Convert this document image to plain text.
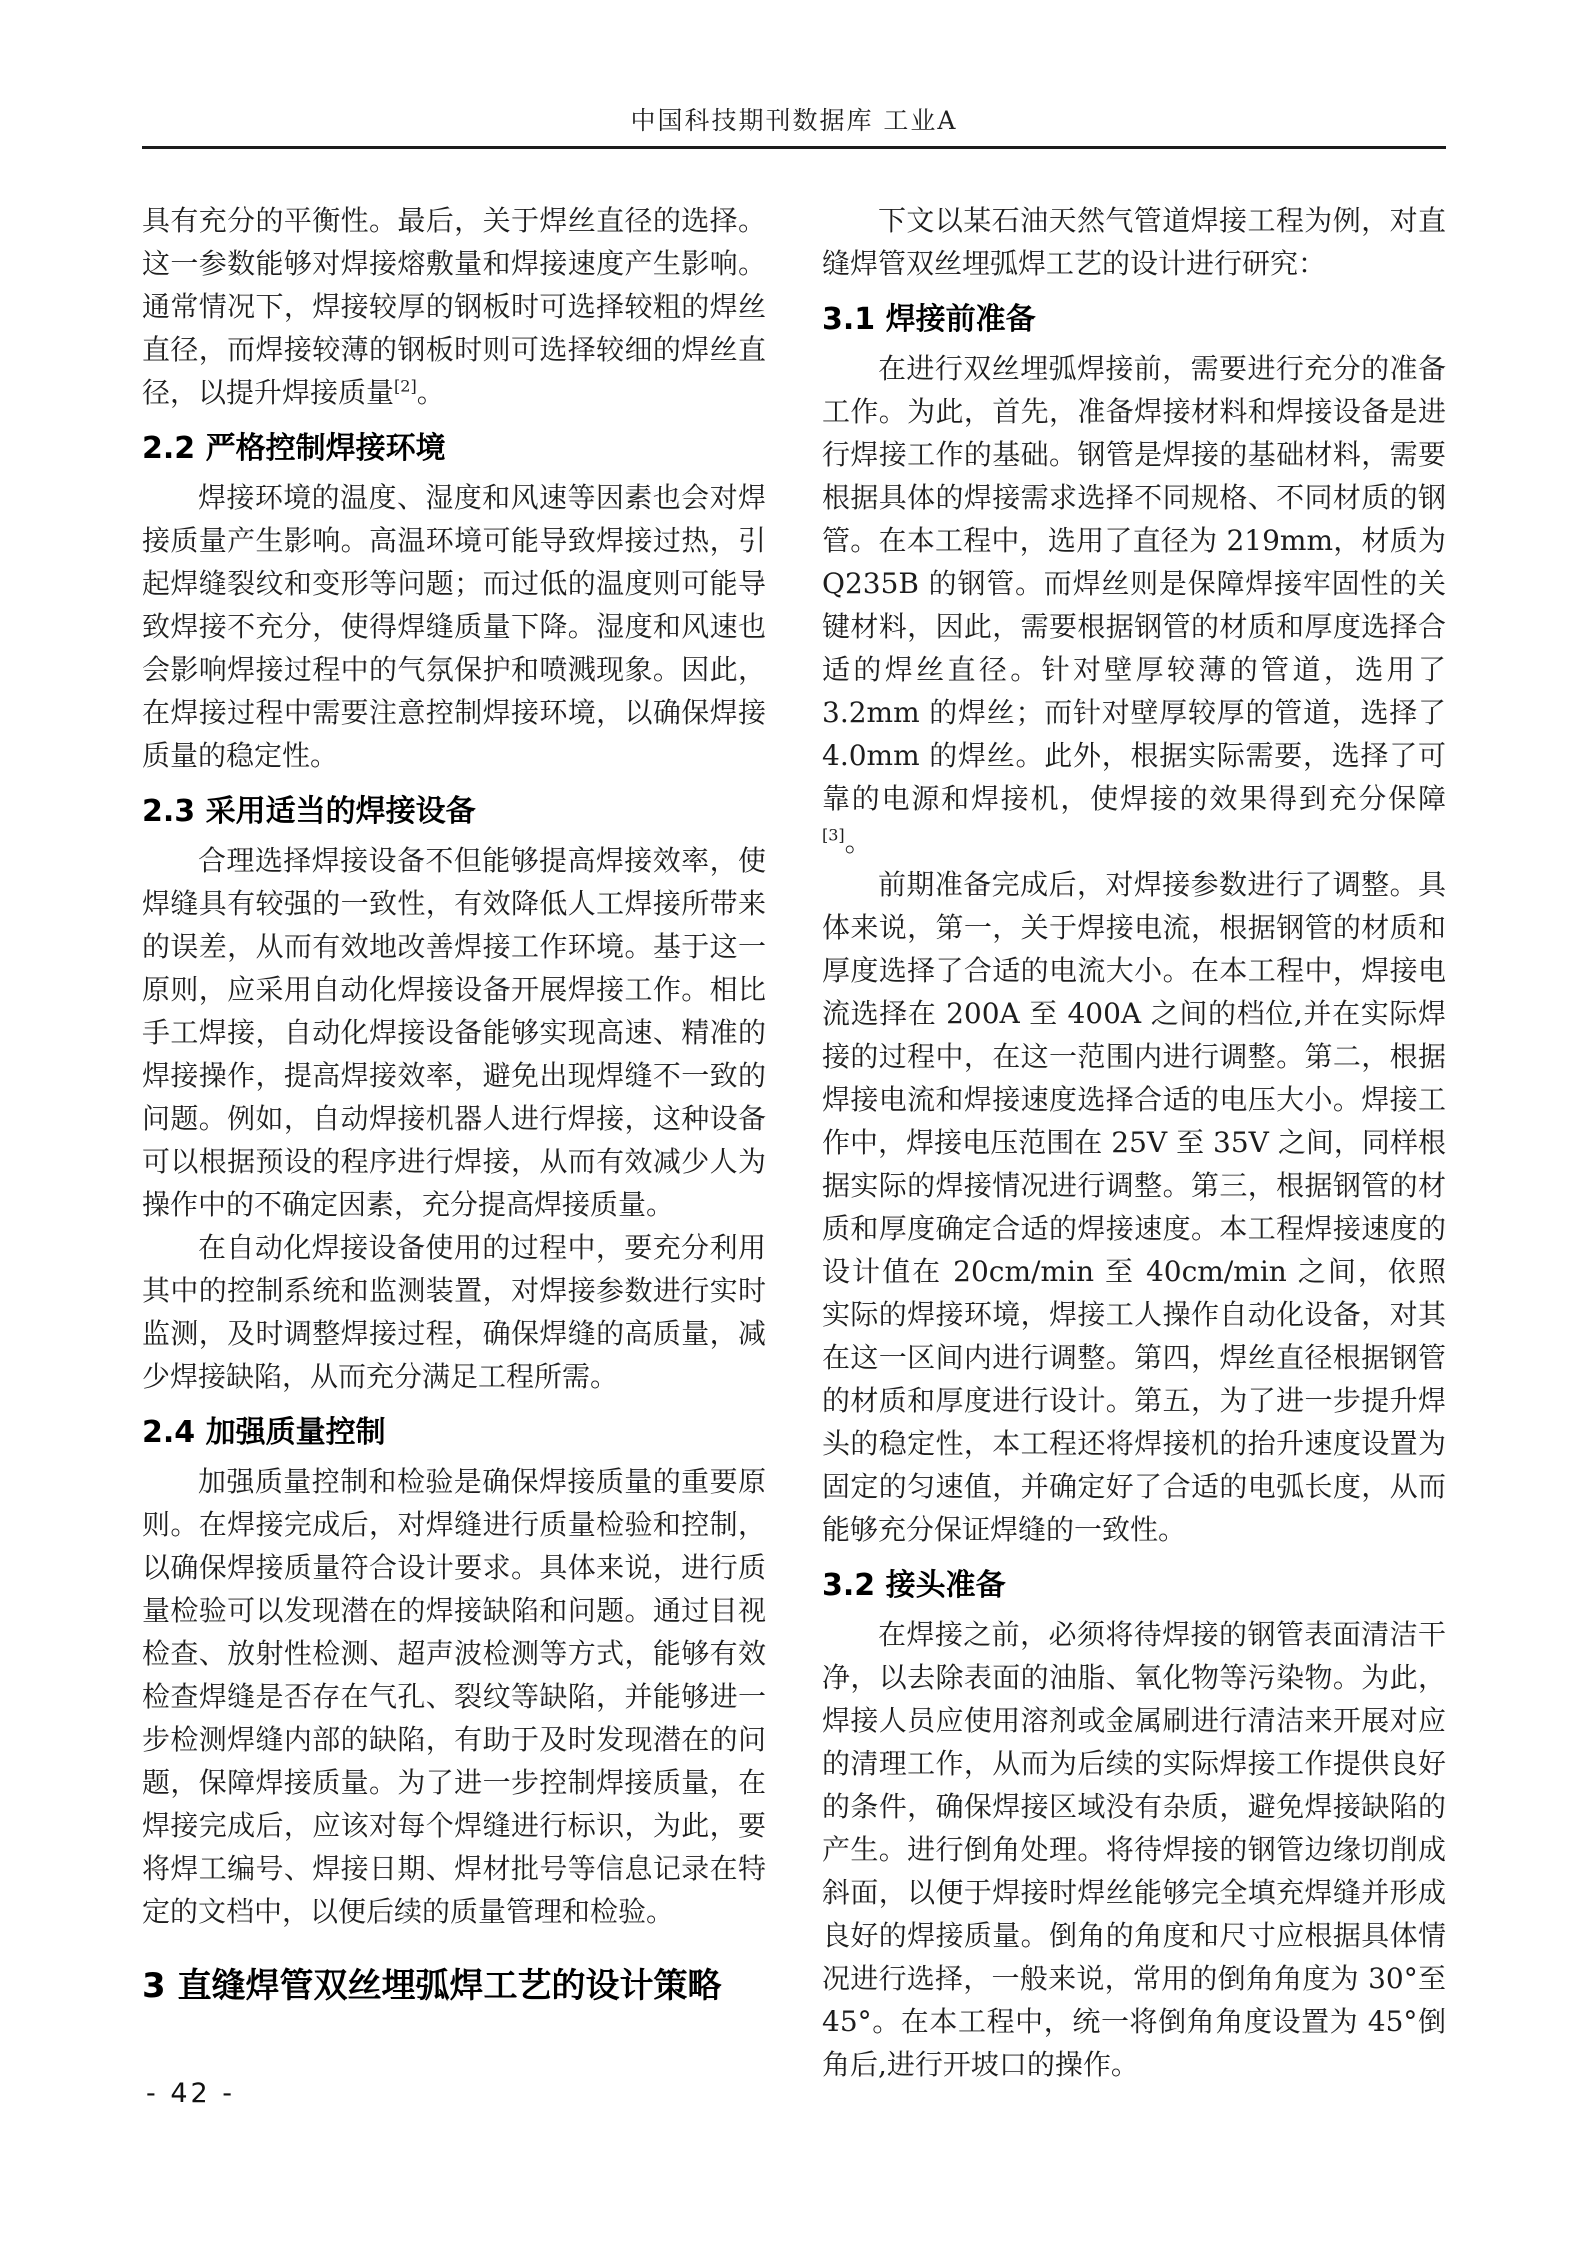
中国科技期刊数据库 工业A

具有充分的平衡性。最后，关于焊丝直径的选择。这一参数能够对焊接熔敷量和焊接速度产生影响。通常情况下，焊接较厚的钢板时可选择较粗的焊丝直径，而焊接较薄的钢板时则可选择较细的焊丝直径，以提升焊接质量[2]。

2.2 严格控制焊接环境

焊接环境的温度、湿度和风速等因素也会对焊接质量产生影响。高温环境可能导致焊接过热，引起焊缝裂纹和变形等问题；而过低的温度则可能导致焊接不充分，使得焊缝质量下降。湿度和风速也会影响焊接过程中的气氛保护和喷溅现象。因此，在焊接过程中需要注意控制焊接环境，以确保焊接质量的稳定性。

2.3 采用适当的焊接设备

合理选择焊接设备不但能够提高焊接效率，使焊缝具有较强的一致性，有效降低人工焊接所带来的误差，从而有效地改善焊接工作环境。基于这一原则，应采用自动化焊接设备开展焊接工作。相比手工焊接，自动化焊接设备能够实现高速、精准的焊接操作，提高焊接效率，避免出现焊缝不一致的问题。例如，自动焊接机器人进行焊接，这种设备可以根据预设的程序进行焊接，从而有效减少人为操作中的不确定因素，充分提高焊接质量。

在自动化焊接设备使用的过程中，要充分利用其中的控制系统和监测装置，对焊接参数进行实时监测，及时调整焊接过程，确保焊缝的高质量，减少焊接缺陷，从而充分满足工程所需。

2.4 加强质量控制

加强质量控制和检验是确保焊接质量的重要原则。在焊接完成后，对焊缝进行质量检验和控制，以确保焊接质量符合设计要求。具体来说，进行质量检验可以发现潜在的焊接缺陷和问题。通过目视检查、放射性检测、超声波检测等方式，能够有效检查焊缝是否存在气孔、裂纹等缺陷，并能够进一步检测焊缝内部的缺陷，有助于及时发现潜在的问题，保障焊接质量。为了进一步控制焊接质量，在焊接完成后，应该对每个焊缝进行标识，为此，要将焊工编号、焊接日期、焊材批号等信息记录在特定的文档中，以便后续的质量管理和检验。

3 直缝焊管双丝埋弧焊工艺的设计策略

下文以某石油天然气管道焊接工程为例，对直缝焊管双丝埋弧焊工艺的设计进行研究：

3.1 焊接前准备

在进行双丝埋弧焊接前，需要进行充分的准备工作。为此，首先，准备焊接材料和焊接设备是进行焊接工作的基础。钢管是焊接的基础材料，需要根据具体的焊接需求选择不同规格、不同材质的钢管。在本工程中，选用了直径为 219mm，材质为 Q235B 的钢管。而焊丝则是保障焊接牢固性的关键材料，因此，需要根据钢管的材质和厚度选择合适的焊丝直径。针对壁厚较薄的管道，选用了 3.2mm 的焊丝；而针对壁厚较厚的管道，选择了 4.0mm 的焊丝。此外，根据实际需要，选择了可靠的电源和焊接机，使焊接的效果得到充分保障[3]。

前期准备完成后，对焊接参数进行了调整。具体来说，第一，关于焊接电流，根据钢管的材质和厚度选择了合适的电流大小。在本工程中，焊接电流选择在 200A 至 400A 之间的档位,并在实际焊接的过程中，在这一范围内进行调整。第二，根据焊接电流和焊接速度选择合适的电压大小。焊接工作中，焊接电压范围在 25V 至 35V 之间，同样根据实际的焊接情况进行调整。第三，根据钢管的材质和厚度确定合适的焊接速度。本工程焊接速度的设计值在 20cm/min 至 40cm/min 之间，依照实际的焊接环境，焊接工人操作自动化设备，对其在这一区间内进行调整。第四，焊丝直径根据钢管的材质和厚度进行设计。第五，为了进一步提升焊头的稳定性，本工程还将焊接机的抬升速度设置为固定的匀速值，并确定好了合适的电弧长度，从而能够充分保证焊缝的一致性。

3.2 接头准备

在焊接之前，必须将待焊接的钢管表面清洁干净，以去除表面的油脂、氧化物等污染物。为此，焊接人员应使用溶剂或金属刷进行清洁来开展对应的清理工作，从而为后续的实际焊接工作提供良好的条件，确保焊接区域没有杂质，避免焊接缺陷的产生。进行倒角处理。将待焊接的钢管边缘切削成斜面，以便于焊接时焊丝能够完全填充焊缝并形成良好的焊接质量。倒角的角度和尺寸应根据具体情况进行选择，一般来说，常用的倒角角度为 30°至 45°。在本工程中，统一将倒角角度设置为 45°倒角后,进行开坡口的操作。

- 42 -
